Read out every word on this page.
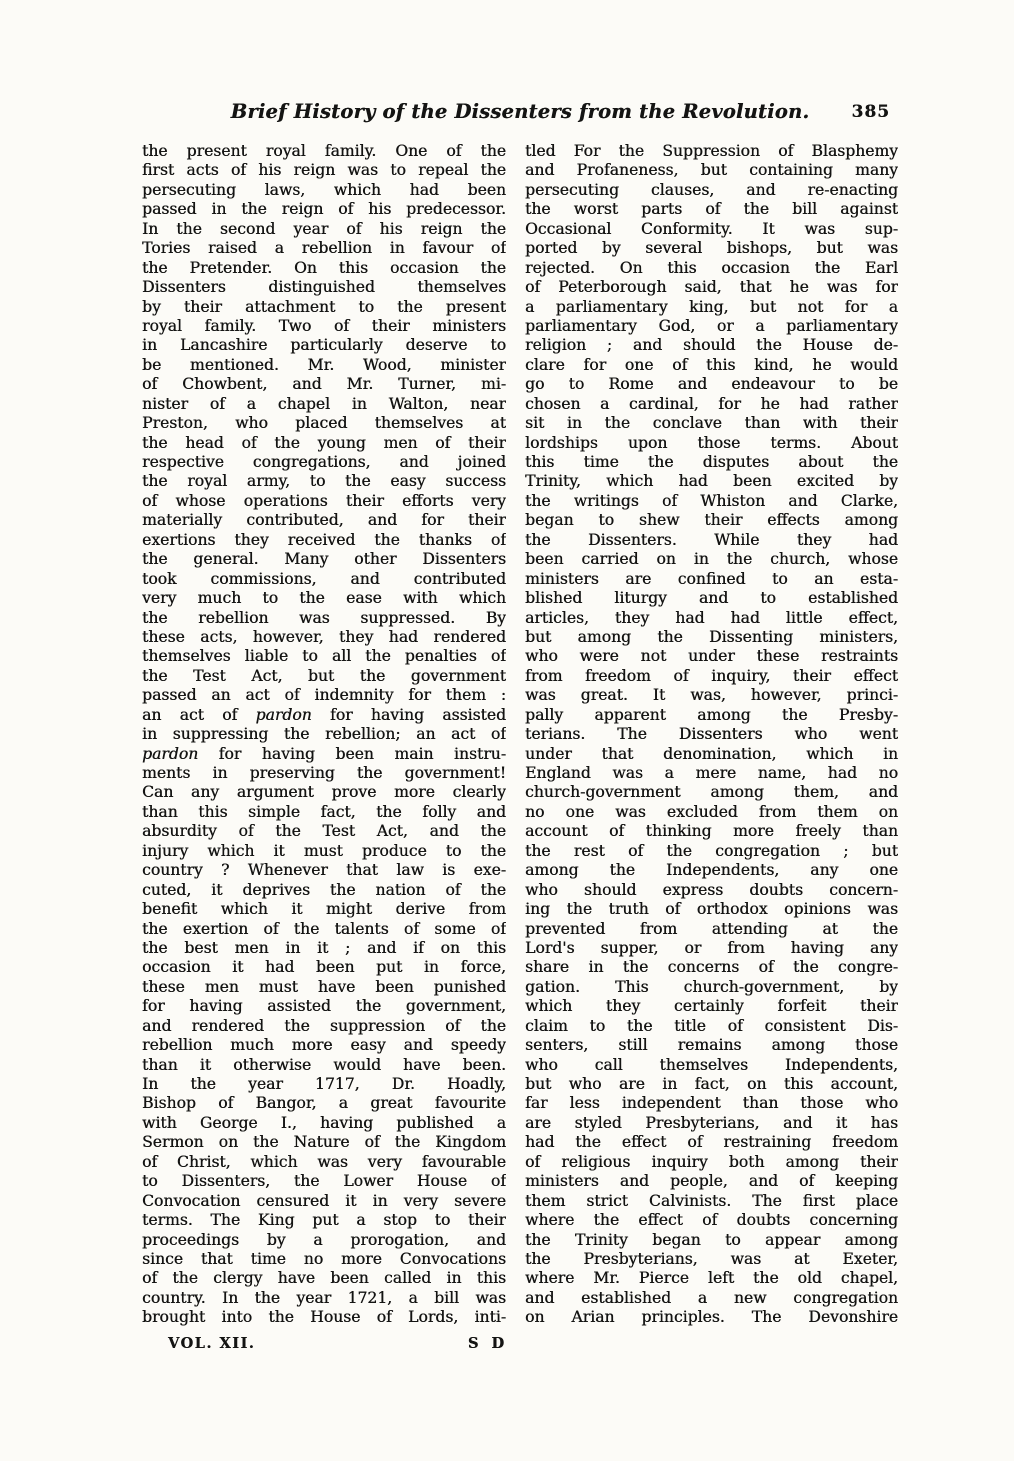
Brief History of the Dissenters from the Revolution.	385
the present royal family. One of the
first acts of his reign was to repeal the
persecuting laws, which had been
passed in the reign of his predecessor.
In the second year of his reign the
Tories raised a rebellion in favour of
the Pretender. On this occasion the
Dissenters distinguished themselves
by their attachment to the present
royal family. Two of their ministers
in Lancashire particularly deserve to
be mentioned. Mr. Wood, minister
of Chowbent, and Mr. Turner, mi-
nister of a chapel in Walton, near
Preston, who placed themselves at
the head of the young men of their
respective congregations, and joined
the royal army, to the easy success
of whose operations their efforts very
materially contributed, and for their
exertions they received the thanks of
the general. Many other Dissenters
took commissions, and contributed
very much to the ease with which
the rebellion was suppressed. By
these acts, however, they had rendered
themselves liable to all the penalties of
the Test Act, but the government
passed an act of indemnity for them :
an act of pardon for having assisted
in suppressing the rebellion; an act of
pardon for having been main instru-
ments in preserving the government!
Can any argument prove more clearly
than this simple fact, the folly and
absurdity of the Test Act, and the
injury which it must produce to the
country ? Whenever that law is exe-
cuted, it deprives the nation of the
benefit which it might derive from
the exertion of the talents of some of
the best men in it ; and if on this
occasion it had been put in force,
these men must have been punished
for having assisted the government,
and rendered the suppression of the
rebellion much more easy and speedy
than it otherwise would have been.
In the year 1717, Dr. Hoadly,
Bishop of Bangor, a great favourite
with George I., having published a
Sermon on the Nature of the Kingdom
of Christ, which was very favourable
to Dissenters, the Lower House of
Convocation censured it in very severe
terms. The King put a stop to their
proceedings by a prorogation, and
since that time no more Convocations
of the clergy have been called in this
country. In the year 1721, a bill was
brought into the House of Lords, inti-
tled For the Suppression of Blasphemy
and Profaneness, but containing many
persecuting clauses, and re-enacting
the worst parts of the bill against
Occasional Conformity. It was sup-
ported by several bishops, but was
rejected. On this occasion the Earl
of Peterborough said, that he was for
a parliamentary king, but not for a
parliamentary God, or a parliamentary
religion ; and should the House de-
clare for one of this kind, he would
go to Rome and endeavour to be
chosen a cardinal, for he had rather
sit in the conclave than with their
lordships upon those terms. About
this time the disputes about the
Trinity, which had been excited by
the writings of Whiston and Clarke,
began to shew their effects among
the Dissenters. While they had
been carried on in the church, whose
ministers are confined to an esta-
blished liturgy and to established
articles, they had had little effect,
but among the Dissenting ministers,
who were not under these restraints
from freedom of inquiry, their effect
was great. It was, however, princi-
pally apparent among the Presby-
terians. The Dissenters who went
under that denomination, which in
England was a mere name, had no
church-government among them, and
no one was excluded from them on
account of thinking more freely than
the rest of the congregation ; but
among the Independents, any one
who should express doubts concern-
ing the truth of orthodox opinions was
prevented from attending at the
Lord's supper, or from having any
share in the concerns of the congre-
gation. This church-government, by
which they certainly forfeit their
claim to the title of consistent Dis-
senters, still remains among those
who call themselves Independents,
but who are in fact, on this account,
far less independent than those who
are styled Presbyterians, and it has
had the effect of restraining freedom
of religious inquiry both among their
ministers and people, and of keeping
them strict Calvinists. The first place
where the effect of doubts concerning
the Trinity began to appear among
the Presbyterians, was at Exeter,
where Mr. Pierce left the old chapel,
and established a new congregation
on Arian principles. The Devonshire
VOL. XII.	S D
